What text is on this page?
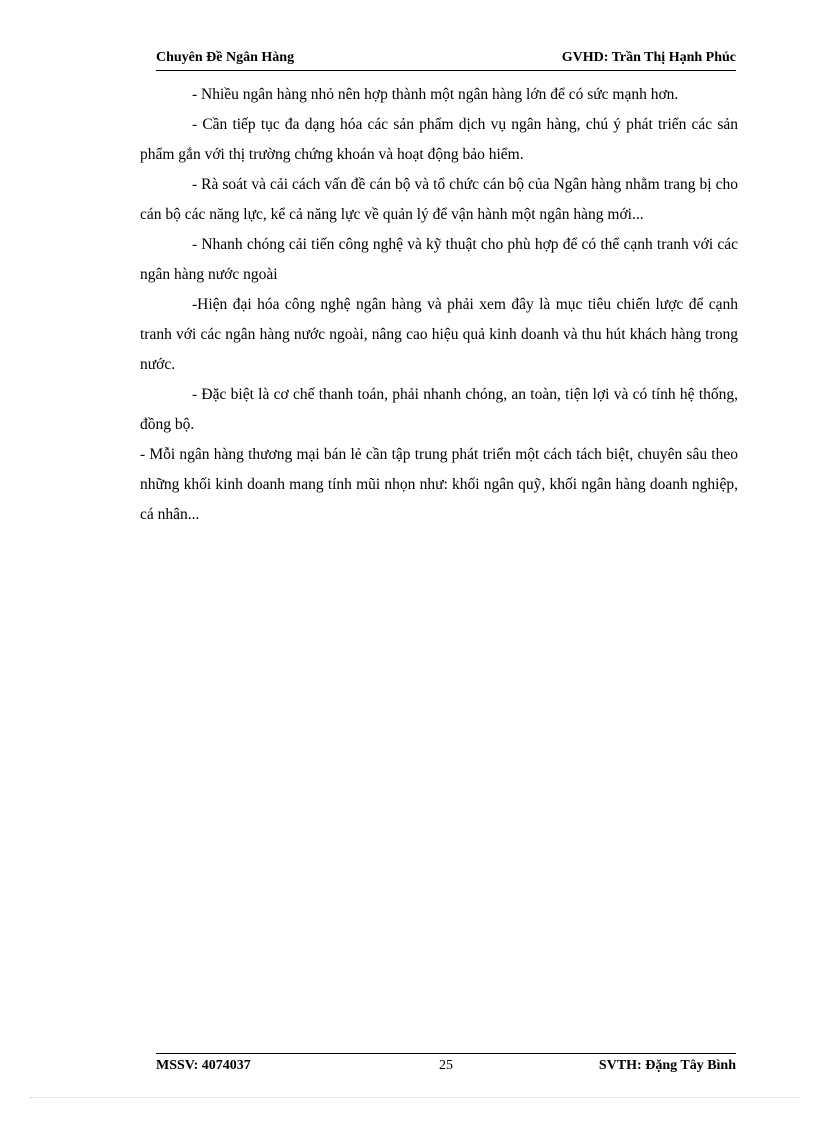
Chuyên Đề Ngân Hàng	GVHD: Trần Thị Hạnh Phúc

- Nhiều ngân hàng nhỏ nên hợp thành một ngân hàng lớn để có sức mạnh hơn.

- Cần tiếp tục đa dạng hóa các sản phẩm dịch vụ ngân hàng, chú ý phát triển các sản phẩm gắn với thị trường chứng khoán và hoạt động bảo hiểm.

- Rà soát và cải cách vấn đề cán bộ và tổ chức cán bộ của Ngân hàng nhằm trang bị cho cán bộ các năng lực, kể cả năng lực về quản lý để vận hành một ngân hàng mới...

- Nhanh chóng cải tiến công nghệ và kỹ thuật cho phù hợp để có thể cạnh tranh với các ngân hàng nước ngoài

-Hiện đại hóa công nghệ ngân hàng và phải xem đây là mục tiêu chiến lược để cạnh tranh với các ngân hàng nước ngoài, nâng cao hiệu quả kinh doanh và thu hút khách hàng trong nước.

- Đặc biệt là cơ chế thanh toán, phải nhanh chóng, an toàn, tiện lợi và có tính hệ thống, đồng bộ.

- Mỗi ngân hàng thương mại bán lẻ cần tập trung phát triển một cách tách biệt, chuyên sâu theo những khối kinh doanh mang tính mũi nhọn như: khối ngân quỹ, khối ngân hàng doanh nghiệp, cá nhân...

MSSV: 4074037	25	SVTH: Đặng Tây Bình
